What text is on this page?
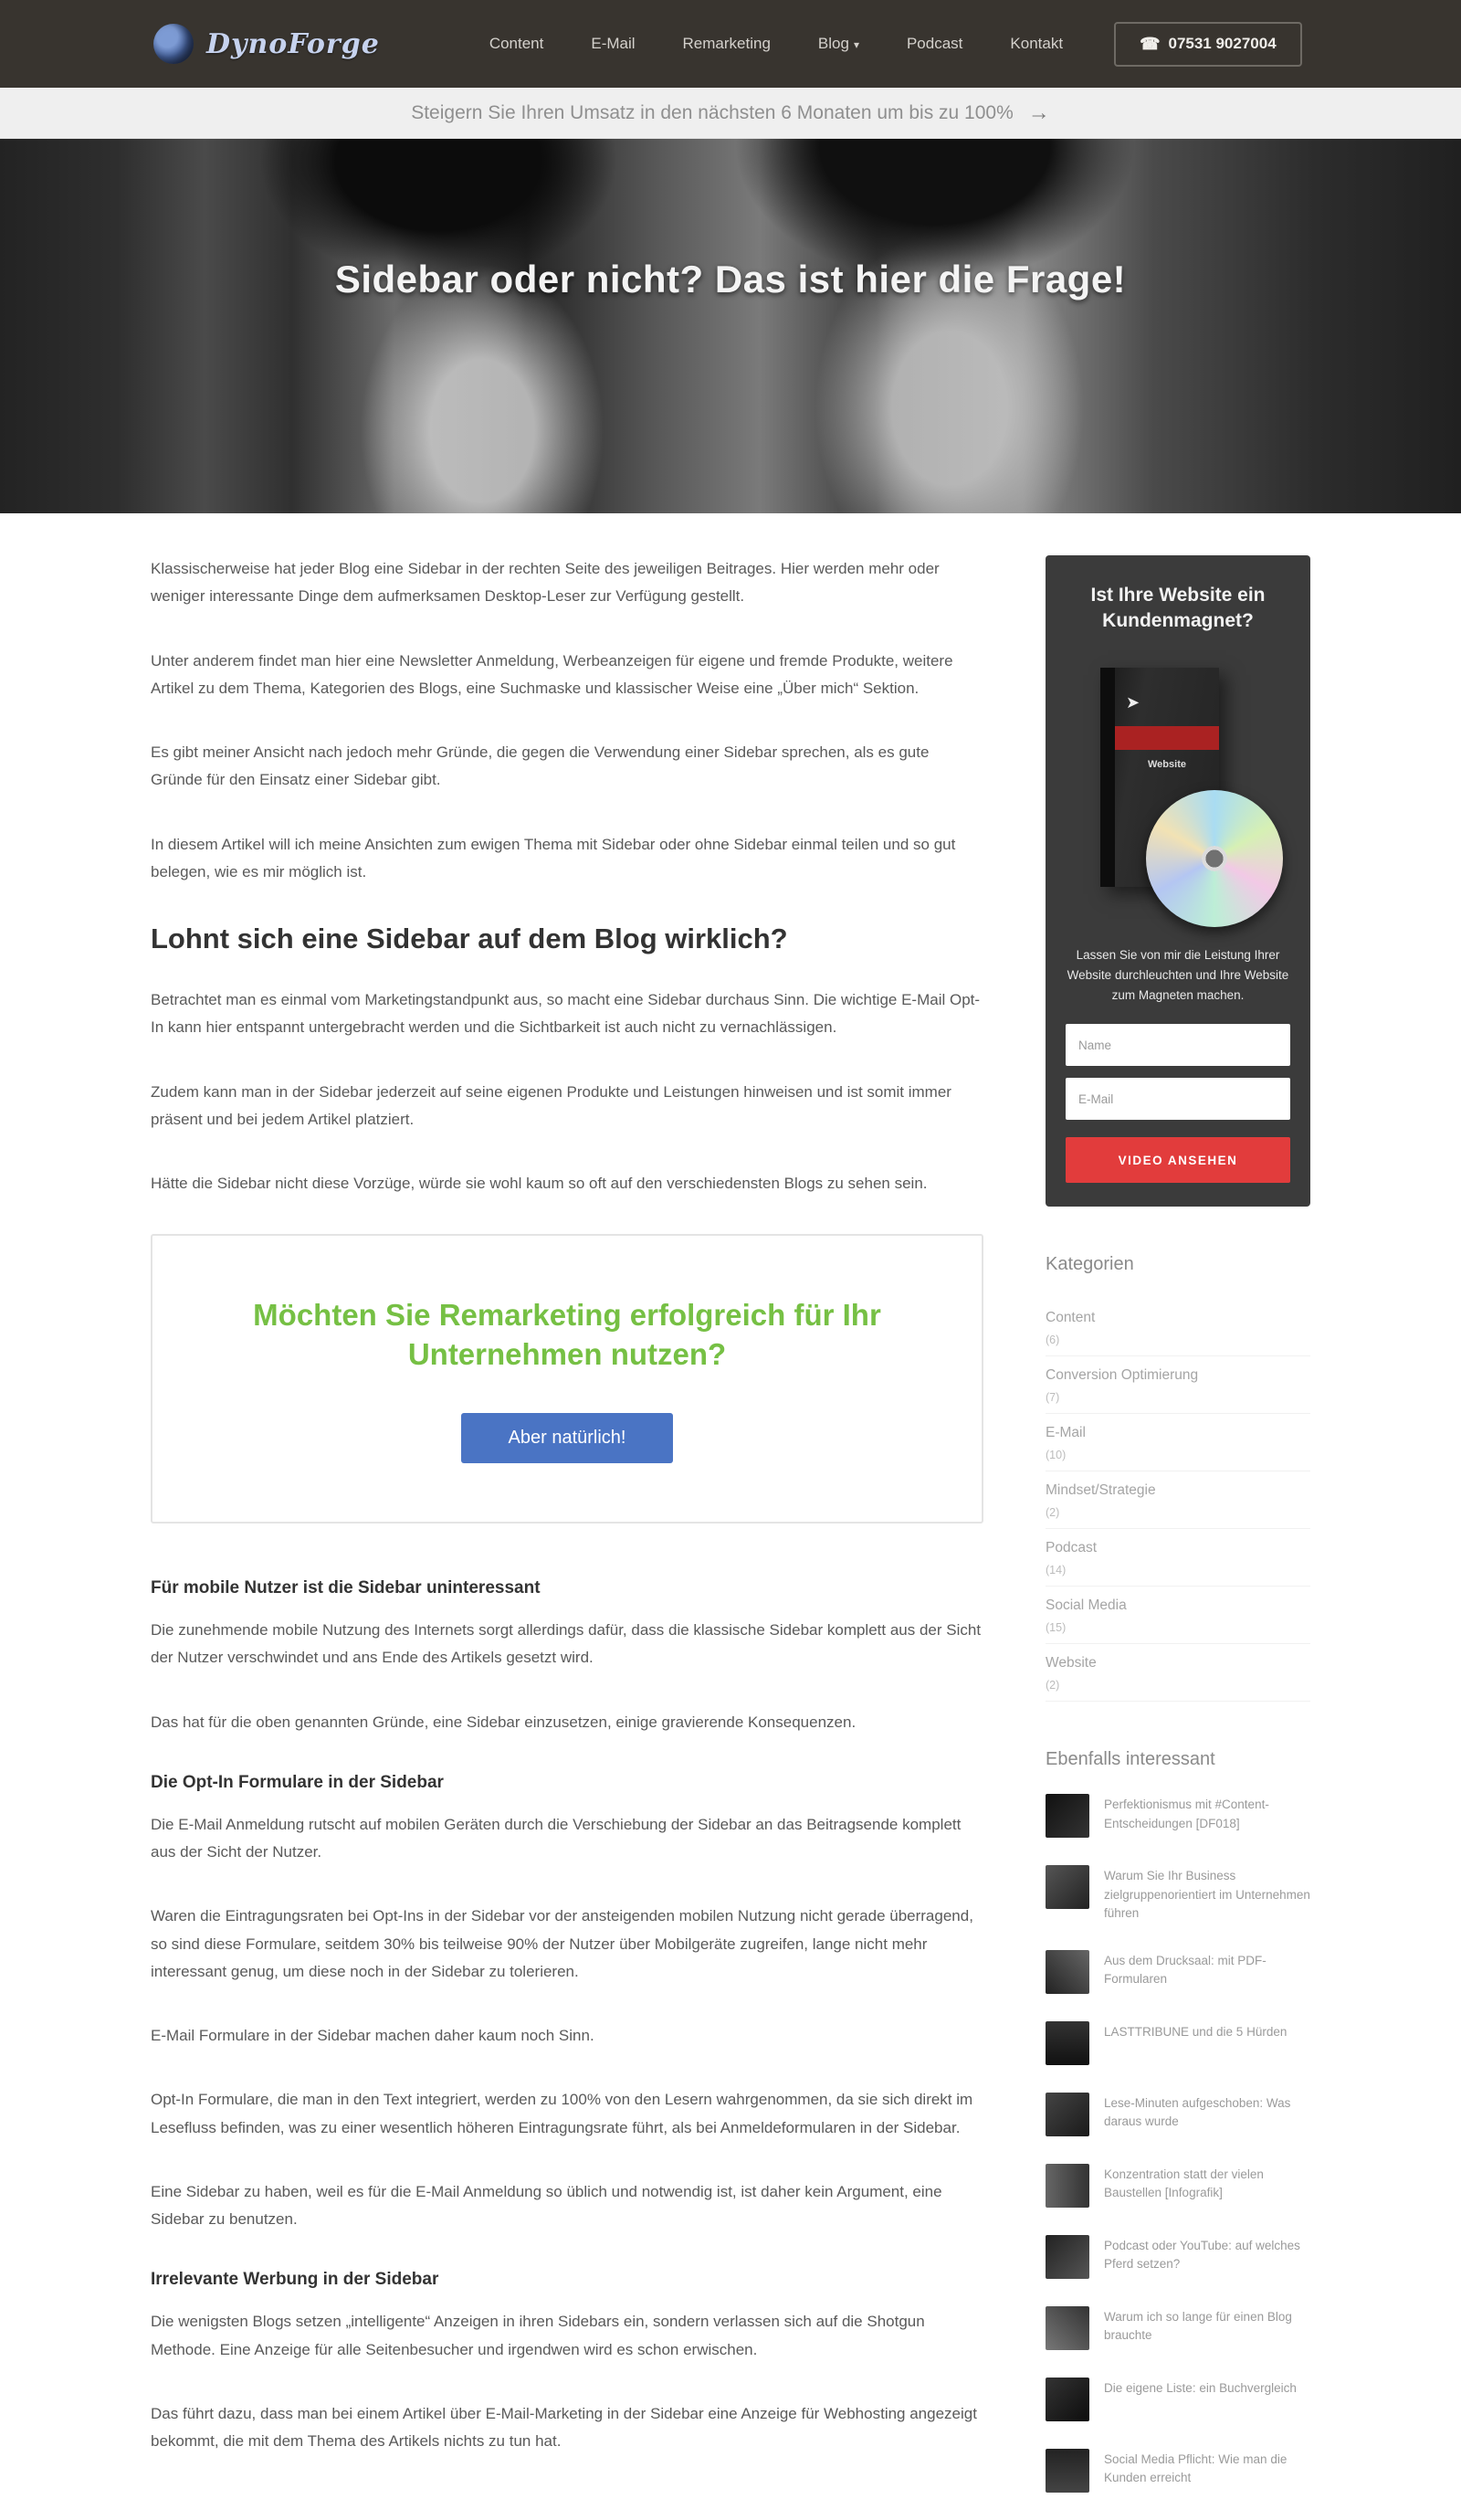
DynoForge	Content	E-Mail	Remarketing	Blog ▾	Podcast	Kontakt	☎ 07531 9027004
Steigern Sie Ihren Umsatz in den nächsten 6 Monaten um bis zu 100% →
Sidebar oder nicht? Das ist hier die Frage!

Klassischerweise hat jeder Blog eine Sidebar in der rechten Seite des jeweiligen Beitrages. Hier werden mehr oder weniger interessante Dinge dem aufmerksamen Desktop-Leser zur Verfügung gestellt.

Unter anderem findet man hier eine Newsletter Anmeldung, Werbeanzeigen für eigene und fremde Produkte, weitere Artikel zu dem Thema, Kategorien des Blogs, eine Suchmaske und klassischer Weise eine „Über mich“ Sektion.

Es gibt meiner Ansicht nach jedoch mehr Gründe, die gegen die Verwendung einer Sidebar sprechen, als es gute Gründe für den Einsatz einer Sidebar gibt.

In diesem Artikel will ich meine Ansichten zum ewigen Thema mit Sidebar oder ohne Sidebar einmal teilen und so gut belegen, wie es mir möglich ist.

Lohnt sich eine Sidebar auf dem Blog wirklich?

Betrachtet man es einmal vom Marketingstandpunkt aus, so macht eine Sidebar durchaus Sinn. Die wichtige E-Mail Opt-In kann hier entspannt untergebracht werden und die Sichtbarkeit ist auch nicht zu vernachlässigen.

Zudem kann man in der Sidebar jederzeit auf seine eigenen Produkte und Leistungen hinweisen und ist somit immer präsent und bei jedem Artikel platziert.

Hätte die Sidebar nicht diese Vorzüge, würde sie wohl kaum so oft auf den verschiedensten Blogs zu sehen sein.

Möchten Sie Remarketing erfolgreich für Ihr Unternehmen nutzen?
Aber natürlich!
Für mobile Nutzer ist die Sidebar uninteressant

Die zunehmende mobile Nutzung des Internets sorgt allerdings dafür, dass die klassische Sidebar komplett aus der Sicht der Nutzer verschwindet und ans Ende des Artikels gesetzt wird.

Das hat für die oben genannten Gründe, eine Sidebar einzusetzen, einige gravierende Konsequenzen.

Die Opt-In Formulare in der Sidebar

Die E-Mail Anmeldung rutscht auf mobilen Geräten durch die Verschiebung der Sidebar an das Beitragsende komplett aus der Sicht der Nutzer.

Waren die Eintragungsraten bei Opt-Ins in der Sidebar vor der ansteigenden mobilen Nutzung nicht gerade überragend, so sind diese Formulare, seitdem 30% bis teilweise 90% der Nutzer über Mobilgeräte zugreifen, lange nicht mehr interessant genug, um diese noch in der Sidebar zu tolerieren.

E-Mail Formulare in der Sidebar machen daher kaum noch Sinn.

Opt-In Formulare, die man in den Text integriert, werden zu 100% von den Lesern wahrgenommen, da sie sich direkt im Lesefluss befinden, was zu einer wesentlich höheren Eintragungsrate führt, als bei Anmeldeformularen in der Sidebar.

Eine Sidebar zu haben, weil es für die E-Mail Anmeldung so üblich und notwendig ist, ist daher kein Argument, eine Sidebar zu benutzen.

Irrelevante Werbung in der Sidebar

Die wenigsten Blogs setzen „intelligente“ Anzeigen in ihren Sidebars ein, sondern verlassen sich auf die Shotgun Methode. Eine Anzeige für alle Seitenbesucher und irgendwen wird es schon erwischen.

Das führt dazu, dass man bei einem Artikel über E-Mail-Marketing in der Sidebar eine Anzeige für Webhosting angezeigt bekommt, die mit dem Thema des Artikels nichts zu tun hat.

Ist Ihre Website ein Kundenmagnet?
➤
Website
Lassen Sie von mir die Leistung Ihrer Website durchleuchten und Ihre Website zum Magneten machen.
Name E-Mail VIDEO ANSEHEN
Kategorien
Content
(6)
Conversion Optimierung
(7)
E-Mail
(10)
Mindset/Strategie
(2)
Podcast
(14)
Social Media
(15)
Website
(2)
Ebenfalls interessant
Perfektionismus mit #Content-Entscheidungen [DF018]
Warum Sie Ihr Business zielgruppenorientiert im Unternehmen führen
Aus dem Drucksaal: mit PDF-Formularen
LASTTRIBUNE und die 5 Hürden
Lese-Minuten aufgeschoben: Was daraus wurde
Konzentration statt der vielen Baustellen [Infografik]
Podcast oder YouTube: auf welches Pferd setzen?
Warum ich so lange für einen Blog brauchte
Die eigene Liste: ein Buchvergleich
Social Media Pflicht: Wie man die Kunden erreicht
